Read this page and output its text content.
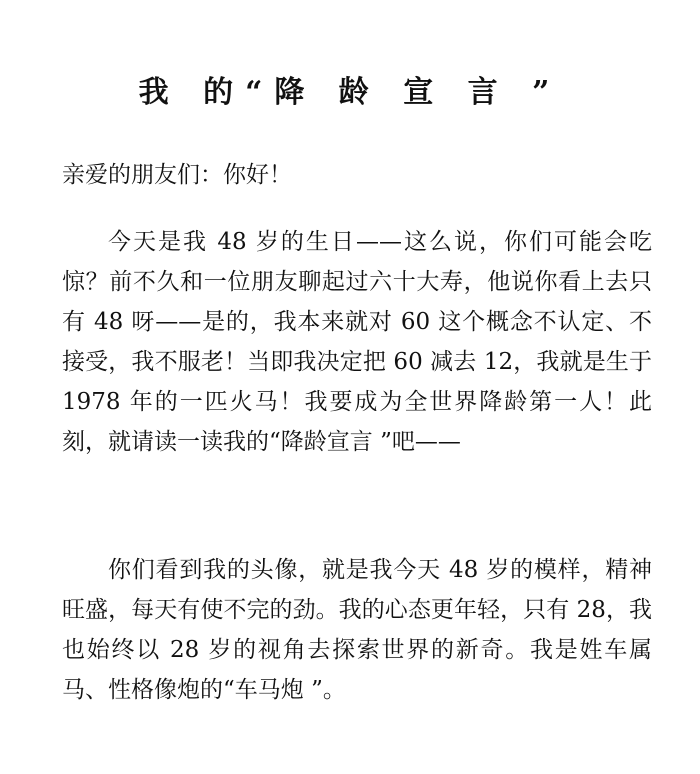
我 的“降 龄 宣 言 ”

亲爱的朋友们：你好！

今天是我 48 岁的生日——这么说，你们可能会吃惊？前不久和一位朋友聊起过六十大寿，他说你看上去只有 48 呀——是的，我本来就对 60 这个概念不认定、不接受，我不服老！当即我决定把 60 减去 12，我就是生于 1978 年的一匹火马！我要成为全世界降龄第一人！此刻，就请读一读我的“降龄宣言 ”吧——

你们看到我的头像，就是我今天 48 岁的模样，精神旺盛，每天有使不完的劲。我的心态更年轻，只有 28，我也始终以 28 岁的视角去探索世界的新奇。我是姓车属马、性格像炮的“车马炮 ”。
